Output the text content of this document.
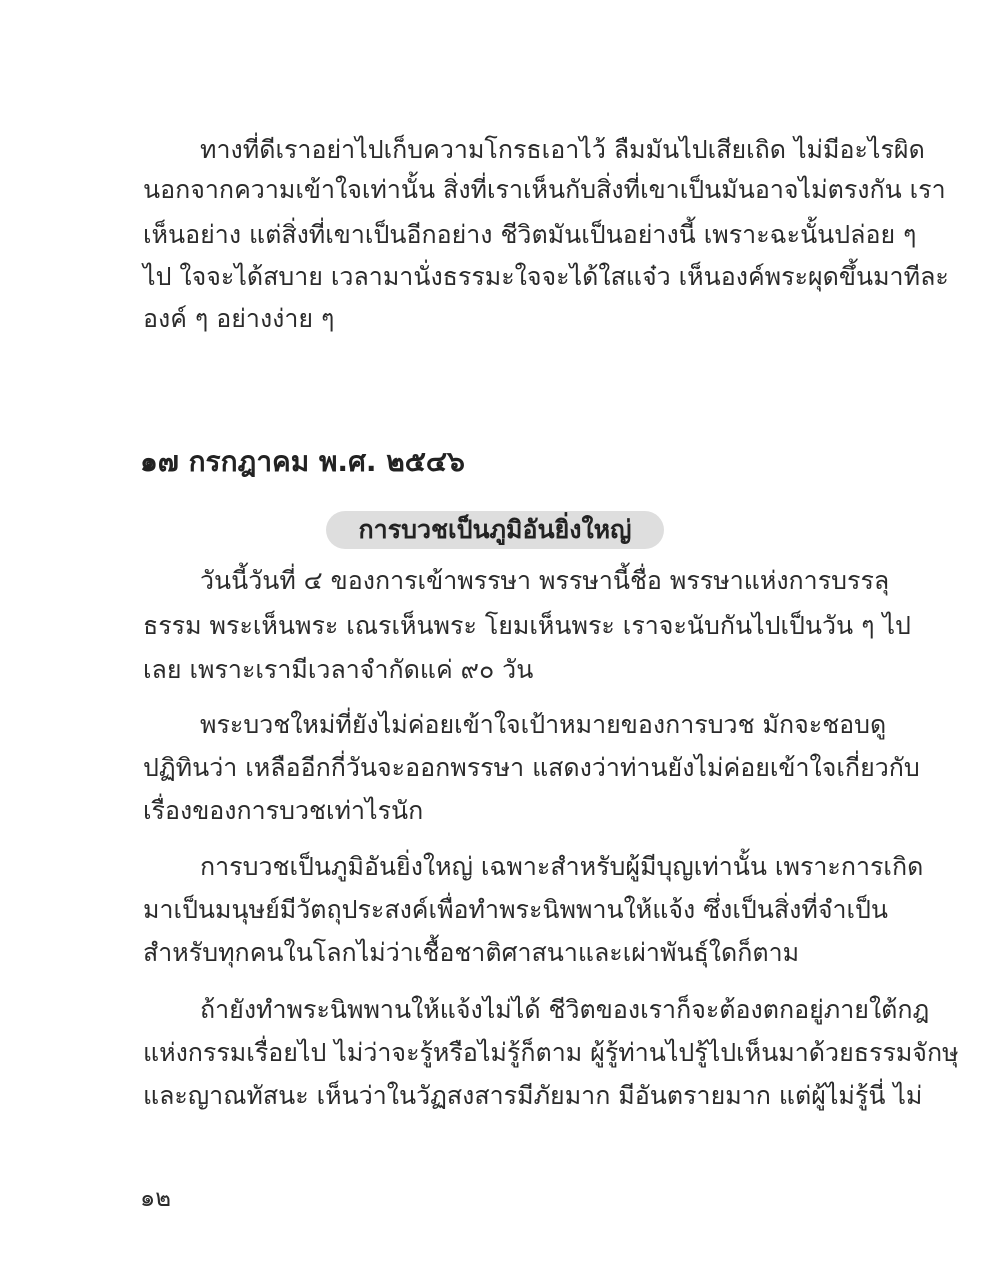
ทางที่ดีเราอย่าไปเก็บความโกรธเอาไว้ ลืมมันไปเสียเถิด ไม่มีอะไรผิด
นอกจากความเข้าใจเท่านั้น สิ่งที่เราเห็นกับสิ่งที่เขาเป็นมันอาจไม่ตรงกัน เรา
เห็นอย่าง แต่สิ่งที่เขาเป็นอีกอย่าง ชีวิตมันเป็นอย่างนี้ เพราะฉะนั้นปล่อย ๆ
ไป ใจจะได้สบาย เวลามานั่งธรรมะใจจะได้ใสแจ๋ว เห็นองค์พระผุดขึ้นมาทีละ
องค์ ๆ อย่างง่าย ๆ
๑๗ กรกฎาคม พ.ศ. ๒๕๔๖
การบวชเป็นภูมิอันยิ่งใหญ่
วันนี้วันที่ ๔ ของการเข้าพรรษา พรรษานี้ชื่อ พรรษาแห่งการบรรลุ
ธรรม พระเห็นพระ เณรเห็นพระ โยมเห็นพระ เราจะนับกันไปเป็นวัน ๆ ไป
เลย เพราะเรามีเวลาจำกัดแค่ ๙๐ วัน
พระบวชใหม่ที่ยังไม่ค่อยเข้าใจเป้าหมายของการบวช มักจะชอบดู
ปฏิทินว่า เหลืออีกกี่วันจะออกพรรษา แสดงว่าท่านยังไม่ค่อยเข้าใจเกี่ยวกับ
เรื่องของการบวชเท่าไรนัก
การบวชเป็นภูมิอันยิ่งใหญ่ เฉพาะสำหรับผู้มีบุญเท่านั้น เพราะการเกิด
มาเป็นมนุษย์มีวัตถุประสงค์เพื่อทำพระนิพพานให้แจ้ง ซึ่งเป็นสิ่งที่จำเป็น
สำหรับทุกคนในโลกไม่ว่าเชื้อชาติศาสนาและเผ่าพันธุ์ใดก็ตาม
ถ้ายังทำพระนิพพานให้แจ้งไม่ได้ ชีวิตของเราก็จะต้องตกอยู่ภายใต้กฎ
แห่งกรรมเรื่อยไป ไม่ว่าจะรู้หรือไม่รู้ก็ตาม ผู้รู้ท่านไปรู้ไปเห็นมาด้วยธรรมจักษุ
และญาณทัสนะ เห็นว่าในวัฏสงสารมีภัยมาก มีอันตรายมาก แต่ผู้ไม่รู้นี่ ไม่
๑๒
